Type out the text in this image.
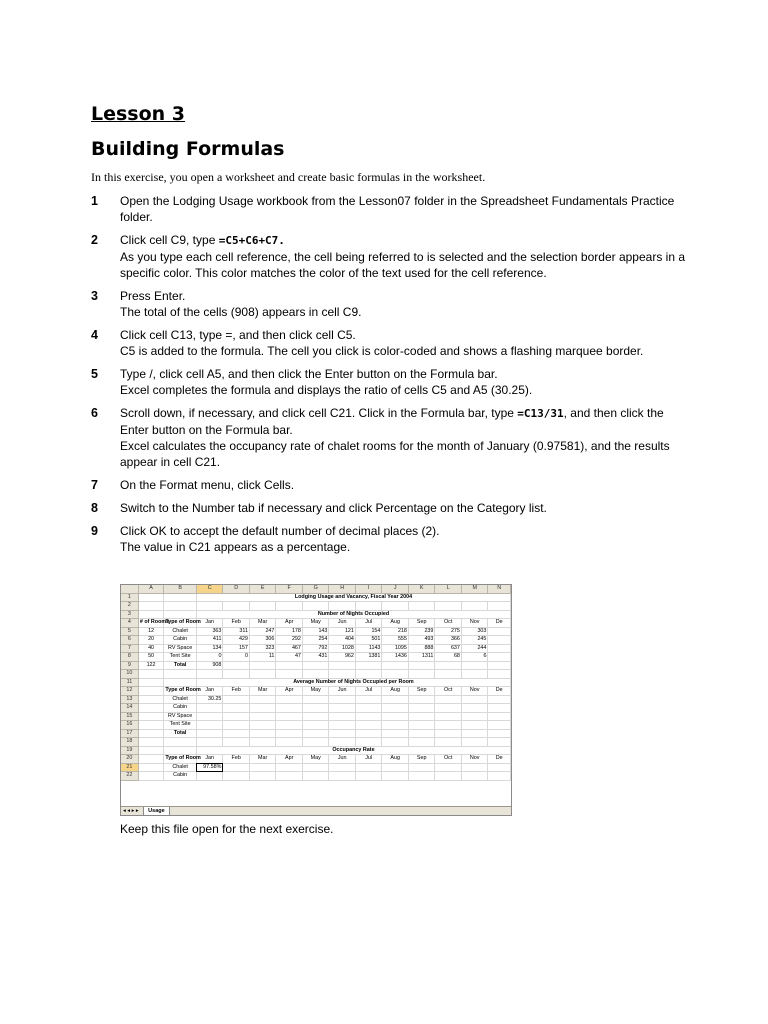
Lesson 3
Building Formulas
In this exercise, you open a worksheet and create basic formulas in the worksheet.
1	Open the Lodging Usage workbook from the Lesson07 folder in the Spreadsheet Fundamentals Practice folder.
2	Click cell C9, type =C5+C6+C7.
As you type each cell reference, the cell being referred to is selected and the selection border appears in a specific color. This color matches the color of the text used for the cell reference.
3	Press Enter.
The total of the cells (908) appears in cell C9.
4	Click cell C13, type =, and then click cell C5.
C5 is added to the formula. The cell you click is color-coded and shows a flashing marquee border.
5	Type /, click cell A5, and then click the Enter button on the Formula bar.
Excel completes the formula and displays the ratio of cells C5 and A5 (30.25).
6	Scroll down, if necessary, and click cell C21. Click in the Formula bar, type =C13/31, and then click the Enter button on the Formula bar.
Excel calculates the occupancy rate of chalet rooms for the month of January (0.97581), and the results appear in cell C21.
7	On the Format menu, click Cells.
8	Switch to the Number tab if necessary and click Percentage on the Category list.
9	Click OK to accept the default number of decimal places (2).
The value in C21 appears as a percentage.
	A	B	C	D	E	F	G	H	I	J	K	L	M	N
1			Lodging Usage and Vacancy, Fiscal Year 2004											
2														
3			Number of Nights Occupied											
4	# of Rooms	Type of Room	Jan	Feb	Mar	Apr	May	Jun	Jul	Aug	Sep	Oct	Nov	De
5	12	Chalet	363	311	247	178	143	121	154	218	239	275	303	
6	20	Cabin	411	429	306	292	254	404	501	555	493	366	245	
7	40	RV Space	134	157	323	467	792	1028	1143	1095	888	637	244	
8	50	Tent Site	0	0	11	47	431	962	1381	1436	1311	68	6	
9	122	Total	908											
10														
11			Average Number of Nights Occupied per Room											
12		Type of Room	Jan	Feb	Mar	Apr	May	Jun	Jul	Aug	Sep	Oct	Nov	De
13		Chalet	30.25											
14		Cabin												
15		RV Space												
16		Tent Site												
17		Total												
18														
19			Occupancy Rate											
20		Type of Room	Jan	Feb	Mar	Apr	May	Jun	Jul	Aug	Sep	Oct	Nov	De
21		Chalet	97.58%											
22		Cabin												
◂ ◂ ▸ ▸ Usage
Keep this file open for the next exercise.
